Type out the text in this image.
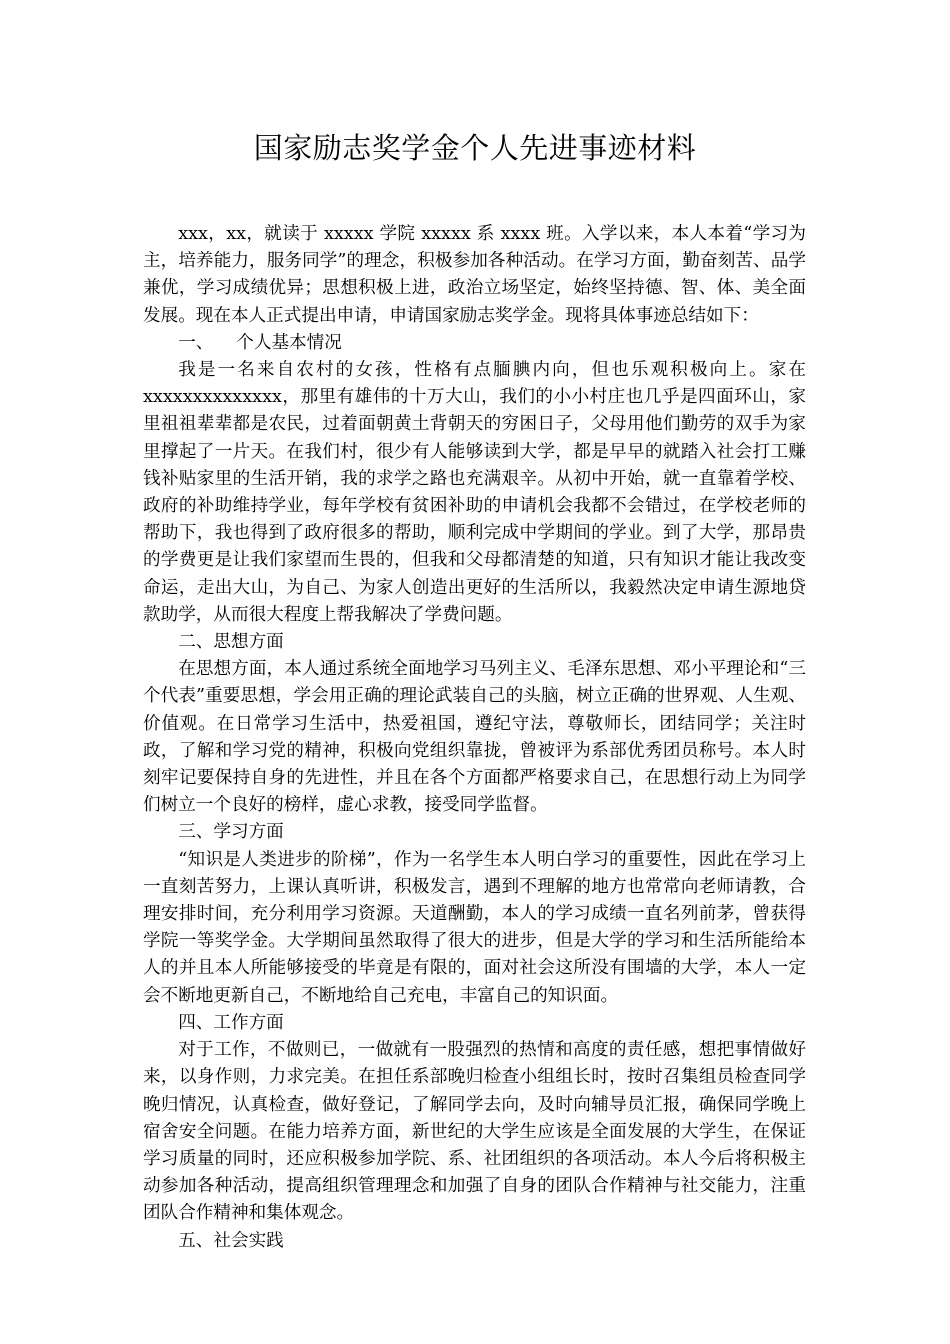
国家励志奖学金个人先进事迹材料

xxx，xx，就读于 xxxxx 学院 xxxxx 系 xxxx 班。入学以来，本人本着“学习为主，培养能力，服务同学”的理念，积极参加各种活动。在学习方面，勤奋刻苦、品学兼优，学习成绩优异；思想积极上进，政治立场坚定，始终坚持德、智、体、美全面发展。现在本人正式提出申请，申请国家励志奖学金。现将具体事迹总结如下：

一、 个人基本情况

我是一名来自农村的女孩，性格有点腼腆内向，但也乐观积极向上。家在xxxxxxxxxxxxxx，那里有雄伟的十万大山，我们的小小村庄也几乎是四面环山，家里祖祖辈辈都是农民，过着面朝黄土背朝天的穷困日子，父母用他们勤劳的双手为家里撑起了一片天。在我们村，很少有人能够读到大学，都是早早的就踏入社会打工赚钱补贴家里的生活开销，我的求学之路也充满艰辛。从初中开始，就一直靠着学校、政府的补助维持学业，每年学校有贫困补助的申请机会我都不会错过，在学校老师的帮助下，我也得到了政府很多的帮助，顺利完成中学期间的学业。到了大学，那昂贵的学费更是让我们家望而生畏的，但我和父母都清楚的知道，只有知识才能让我改变命运，走出大山，为自己、为家人创造出更好的生活所以，我毅然决定申请生源地贷款助学，从而很大程度上帮我解决了学费问题。

二、思想方面

在思想方面，本人通过系统全面地学习马列主义、毛泽东思想、邓小平理论和“三个代表”重要思想，学会用正确的理论武装自己的头脑，树立正确的世界观、人生观、价值观。在日常学习生活中，热爱祖国，遵纪守法，尊敬师长，团结同学；关注时政，了解和学习党的精神，积极向党组织靠拢，曾被评为系部优秀团员称号。本人时刻牢记要保持自身的先进性，并且在各个方面都严格要求自己，在思想行动上为同学们树立一个良好的榜样，虚心求教，接受同学监督。

三、学习方面

“知识是人类进步的阶梯”，作为一名学生本人明白学习的重要性，因此在学习上一直刻苦努力，上课认真听讲，积极发言，遇到不理解的地方也常常向老师请教，合理安排时间，充分利用学习资源。天道酬勤，本人的学习成绩一直名列前茅，曾获得学院一等奖学金。大学期间虽然取得了很大的进步，但是大学的学习和生活所能给本人的并且本人所能够接受的毕竟是有限的，面对社会这所没有围墙的大学，本人一定会不断地更新自己，不断地给自己充电，丰富自己的知识面。

四、工作方面

对于工作，不做则已，一做就有一股强烈的热情和高度的责任感，想把事情做好来，以身作则，力求完美。在担任系部晚归检查小组组长时，按时召集组员检查同学晚归情况，认真检查，做好登记，了解同学去向，及时向辅导员汇报，确保同学晚上宿舍安全问题。在能力培养方面，新世纪的大学生应该是全面发展的大学生，在保证学习质量的同时，还应积极参加学院、系、社团组织的各项活动。本人今后将积极主动参加各种活动，提高组织管理理念和加强了自身的团队合作精神与社交能力，注重团队合作精神和集体观念。

五、社会实践
